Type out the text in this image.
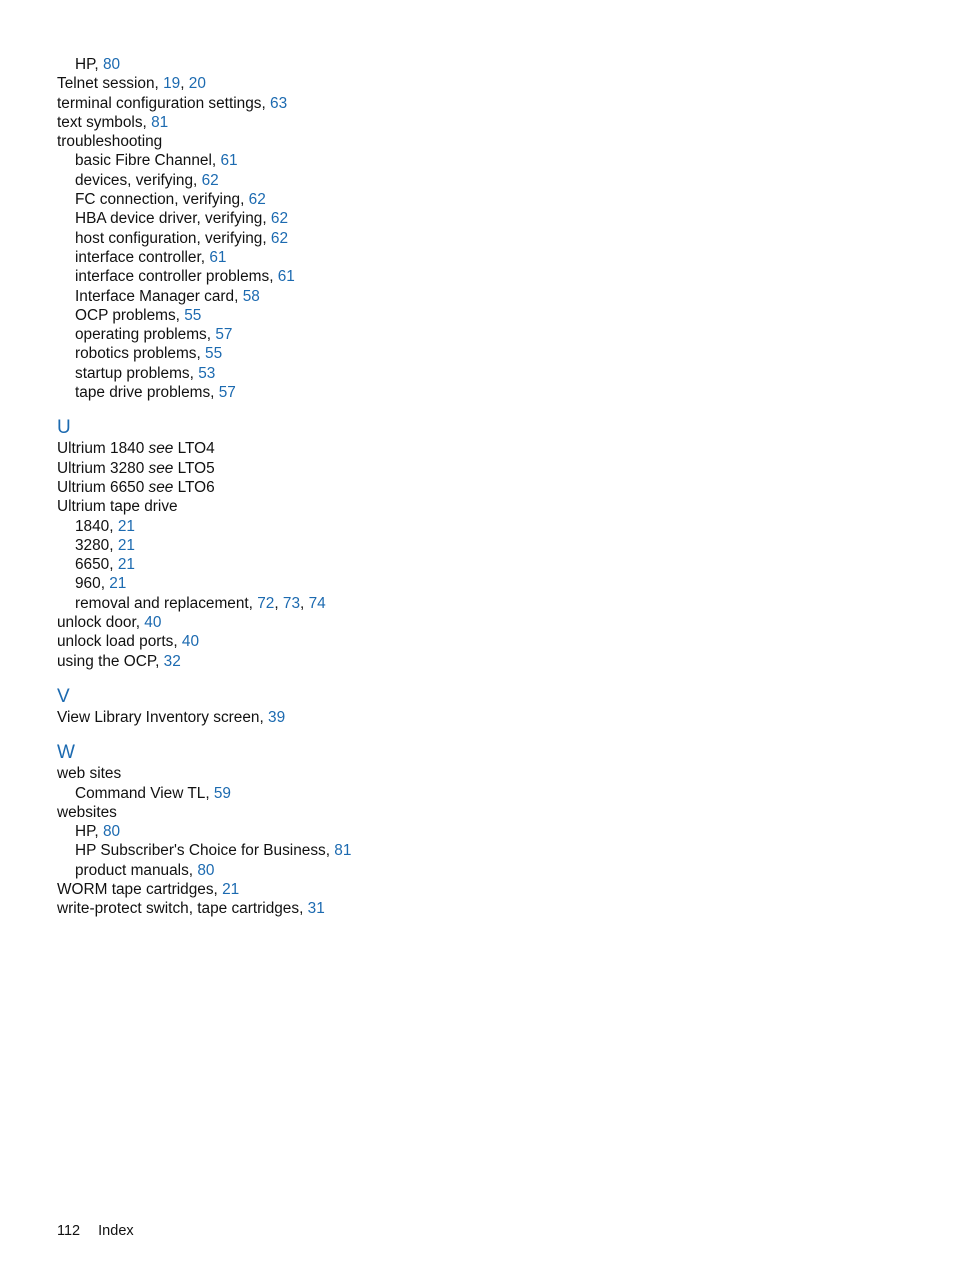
HP, 80
Telnet session, 19, 20
terminal configuration settings, 63
text symbols, 81
troubleshooting
basic Fibre Channel, 61
devices, verifying, 62
FC connection, verifying, 62
HBA device driver, verifying, 62
host configuration, verifying, 62
interface controller, 61
interface controller problems, 61
Interface Manager card, 58
OCP problems, 55
operating problems, 57
robotics problems, 55
startup problems, 53
tape drive problems, 57
U
Ultrium 1840 see LTO4
Ultrium 3280 see LTO5
Ultrium 6650 see LTO6
Ultrium tape drive
1840, 21
3280, 21
6650, 21
960, 21
removal and replacement, 72, 73, 74
unlock door, 40
unlock load ports, 40
using the OCP, 32
V
View Library Inventory screen, 39
W
web sites
Command View TL, 59
websites
HP, 80
HP Subscriber's Choice for Business, 81
product manuals, 80
WORM tape cartridges, 21
write-protect switch, tape cartridges, 31
112 Index
